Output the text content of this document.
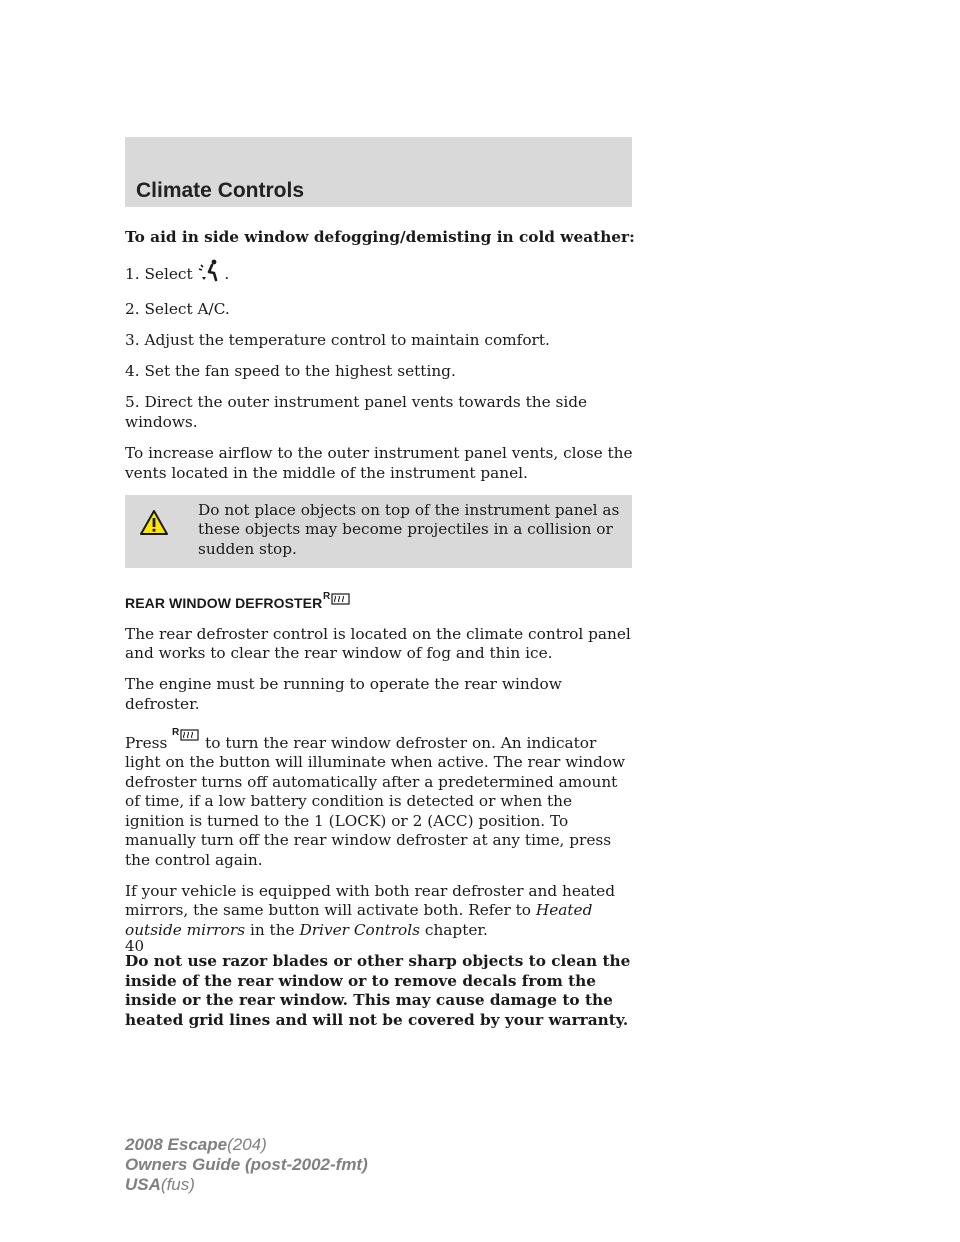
Climate Controls

To aid in side window defogging/demisting in cold weather:

1. Select .

2. Select A/C.

3. Adjust the temperature control to maintain comfort.

4. Set the fan speed to the highest setting.

5. Direct the outer instrument panel vents towards the side windows.

To increase airflow to the outer instrument panel vents, close the vents located in the middle of the instrument panel.

Do not place objects on top of the instrument panel as these objects may become projectiles in a collision or sudden stop.
REAR WINDOW DEFROSTER R

The rear defroster control is located on the climate control panel and works to clear the rear window of fog and thin ice.

The engine must be running to operate the rear window defroster.

Press
R
to turn the rear window defroster on. An indicator light on the button will illuminate when active. The rear window defroster turns off automatically after a predetermined amount of time, if a low battery condition is detected or when the ignition is turned to the 1 (LOCK) or 2 (ACC) position. To manually turn off the rear window defroster at any time, press the control again.

If your vehicle is equipped with both rear defroster and heated mirrors, the same button will activate both. Refer to Heated outside mirrors in the Driver Controls chapter.

Do not use razor blades or other sharp objects to clean the inside of the rear window or to remove decals from the inside or the rear window. This may cause damage to the heated grid lines and will not be covered by your warranty.

40
2008 Escape(204)
Owners Guide (post-2002-fmt)
USA(fus)
